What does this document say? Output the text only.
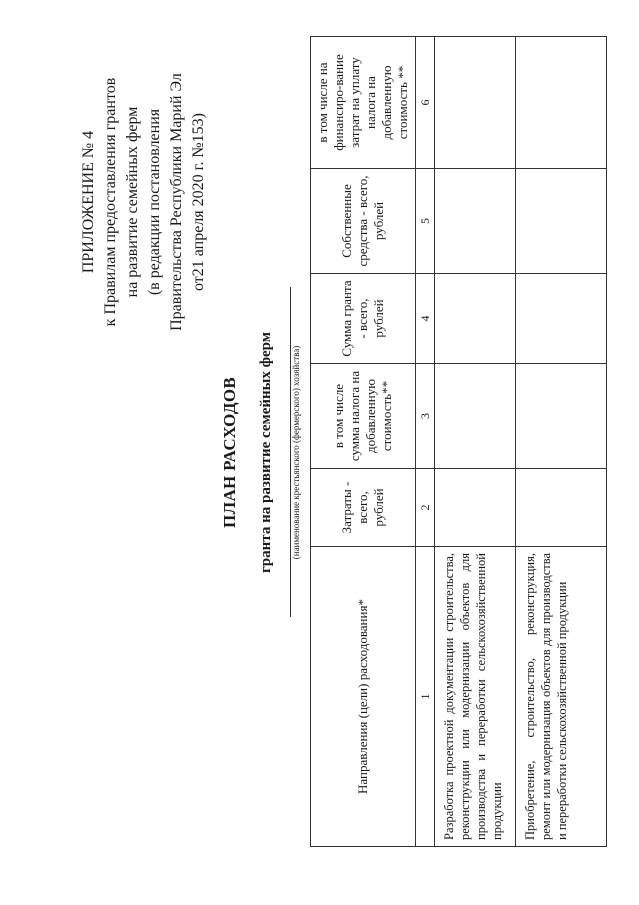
ПРИЛОЖЕНИЕ № 4 к Правилам предоставления грантов на развитие семейных ферм (в редакции постановления Правительства Республики Марий Эл от21 апреля 2020 г. №153)
ПЛАН РАСХОДОВ гранта на развитие семейных ферм (наименование крестьянского (фермерского) хозяйства)
Направления (цели) расходования*	Затраты - всего, рублей	в том числе сумма налога на добавленную стоимость**	Сумма гранта - всего, рублей	Собственные средства - всего, рублей	в том числе на финансиро-вание затрат на уплату налога на добавленную стоимость **
1	2	3	4	5	6
Разработка проектной документации строительства, реконструкции или модернизации объектов для производства и переработки сельскохозяйственной продукции					
Приобретение, строительство, реконструкция, ремонт или модернизация объектов для производства и переработки сельскохозяйственной продукции					
